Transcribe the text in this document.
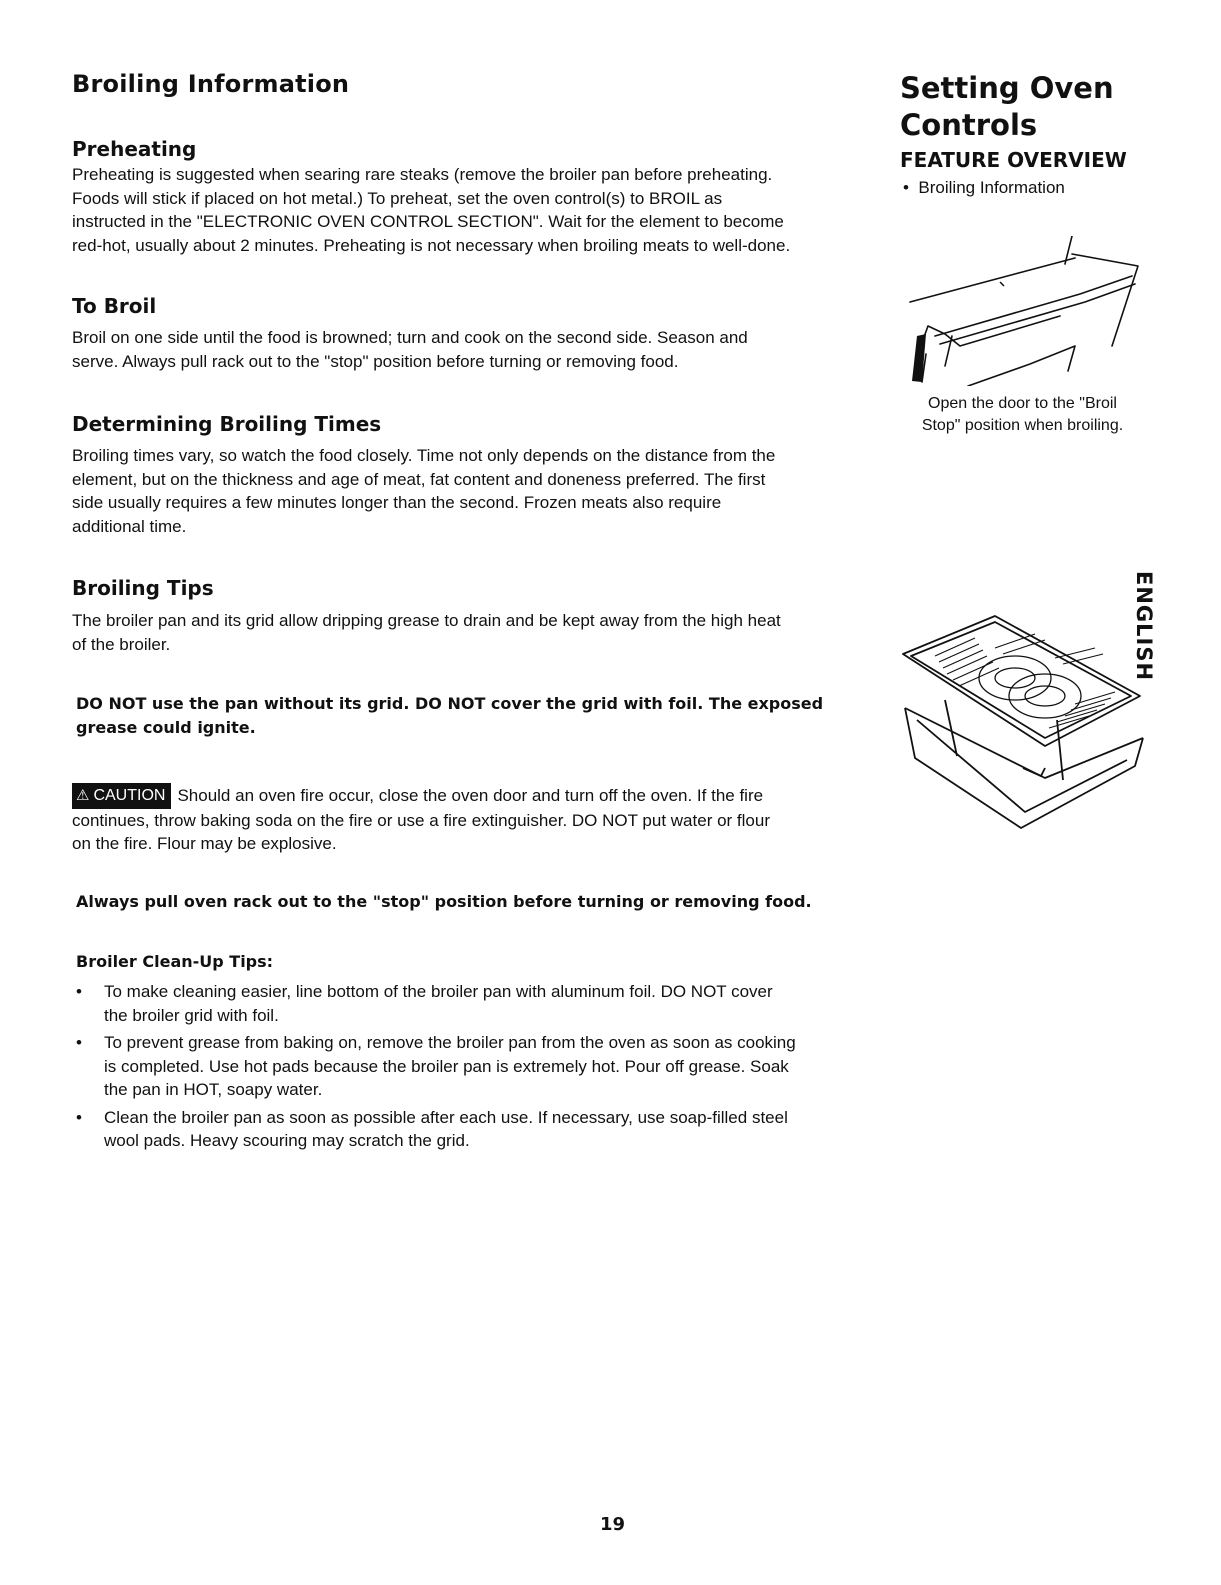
Broiling Information
Preheating
Preheating is suggested when searing rare steaks (remove the broiler pan before preheating.
Foods will stick if placed on hot metal.) To preheat, set the oven control(s) to BROIL as
instructed in the "ELECTRONIC OVEN CONTROL SECTION". Wait for the element to become
red-hot, usually about 2 minutes. Preheating is not necessary when broiling meats to well-done.
To Broil
Broil on one side until the food is browned; turn and cook on the second side. Season and
serve. Always pull rack out to the "stop" position before turning or removing food.
Determining Broiling Times
Broiling times vary, so watch the food closely. Time not only depends on the distance from the
element, but on the thickness and age of meat, fat content and doneness preferred. The first
side usually requires a few minutes longer than the second. Frozen meats also require
additional time.
Broiling Tips
The broiler pan and its grid allow dripping grease to drain and be kept away from the high heat
of the broiler.
DO NOT use the pan without its grid. DO NOT cover the grid with foil. The exposed
grease could ignite.
⚠ CAUTION Should an oven fire occur, close the oven door and turn off the oven. If the fire
continues, throw baking soda on the fire or use a fire extinguisher. DO NOT put water or flour
on the fire. Flour may be explosive.
Always pull oven rack out to the "stop" position before turning or removing food.
Broiler Clean-Up Tips:
• To make cleaning easier, line bottom of the broiler pan with aluminum foil. DO NOT cover
the broiler grid with foil.
• To prevent grease from baking on, remove the broiler pan from the oven as soon as cooking
is completed. Use hot pads because the broiler pan is extremely hot. Pour off grease. Soak
the pan in HOT, soapy water.
• Clean the broiler pan as soon as possible after each use. If necessary, use soap-filled steel
wool pads. Heavy scouring may scratch the grid.
Setting Oven
Controls
FEATURE OVERVIEW
• Broiling Information
Open the door to the "Broil
Stop" position when broiling.
ENGLISH
19
